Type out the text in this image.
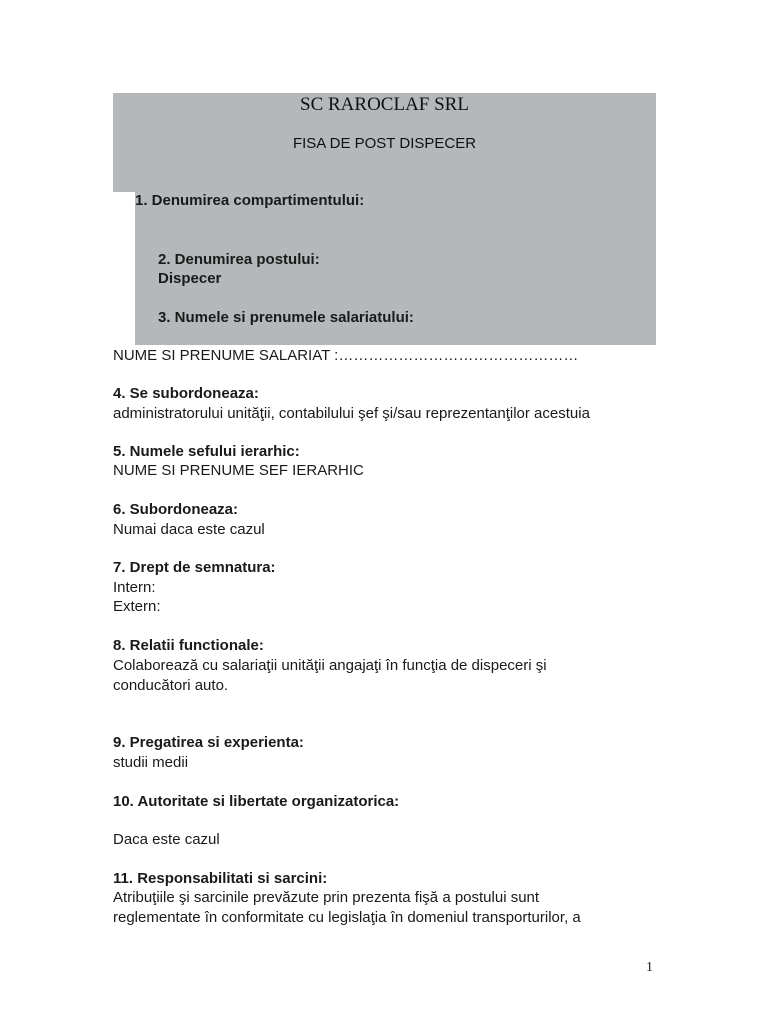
SC RAROCLAF SRL
FISA DE POST DISPECER
1. Denumirea compartimentului:
2. Denumirea postului:
Dispecer
3. Numele si prenumele salariatului:
NUME SI PRENUME SALARIAT :…………………………………………
4. Se subordoneaza:
administratorului unităţii, contabilului şef şi/sau reprezentanţilor acestuia
5. Numele sefului ierarhic:
NUME SI PRENUME SEF IERARHIC
6. Subordoneaza:
Numai daca este cazul
7. Drept de semnatura:
Intern:
Extern:
8. Relatii functionale:
Colaborează cu salariaţii unităţii angajaţi în funcţia de dispeceri şi
conducători auto.
9. Pregatirea si experienta:
studii medii
10. Autoritate si libertate organizatorica:
Daca este cazul
11. Responsabilitati si sarcini:
Atribuţiile şi sarcinile prevăzute prin prezenta fişă a postului sunt
reglementate în conformitate cu legislaţia în domeniul transporturilor, a
1
